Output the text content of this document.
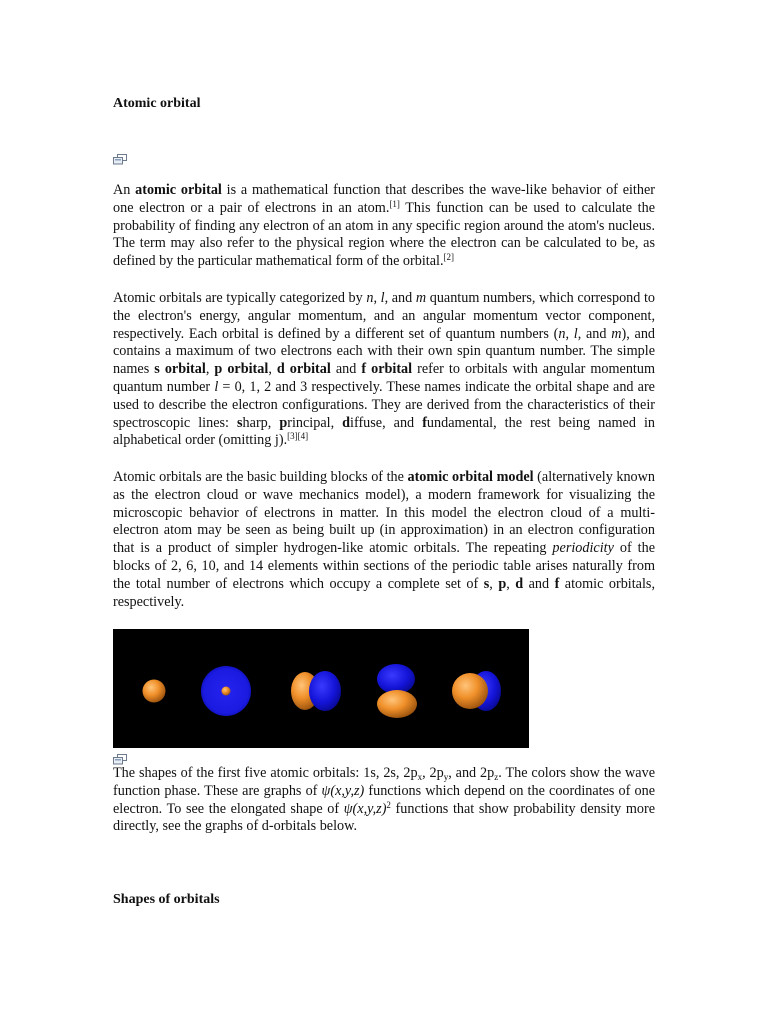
Atomic orbital

An atomic orbital is a mathematical function that describes the wave-like behavior of either one electron or a pair of electrons in an atom.[1] This function can be used to calculate the probability of finding any electron of an atom in any specific region around the atom's nucleus. The term may also refer to the physical region where the electron can be calculated to be, as defined by the particular mathematical form of the orbital.[2]

Atomic orbitals are typically categorized by n, l, and m quantum numbers, which correspond to the electron's energy, angular momentum, and an angular momentum vector component, respectively. Each orbital is defined by a different set of quantum numbers (n, l, and m), and contains a maximum of two electrons each with their own spin quantum number. The simple names s orbital, p orbital, d orbital and f orbital refer to orbitals with angular momentum quantum number l = 0, 1, 2 and 3 respectively. These names indicate the orbital shape and are used to describe the electron configurations. They are derived from the characteristics of their spectroscopic lines: sharp, principal, diffuse, and fundamental, the rest being named in alphabetical order (omitting j).[3][4]

Atomic orbitals are the basic building blocks of the atomic orbital model (alternatively known as the electron cloud or wave mechanics model), a modern framework for visualizing the microscopic behavior of electrons in matter. In this model the electron cloud of a multi-electron atom may be seen as being built up (in approximation) in an electron configuration that is a product of simpler hydrogen-like atomic orbitals. The repeating periodicity of the blocks of 2, 6, 10, and 14 elements within sections of the periodic table arises naturally from the total number of electrons which occupy a complete set of s, p, d and f atomic orbitals, respectively.

The shapes of the first five atomic orbitals: 1s, 2s, $2p_x$, $2p_y$, and $2p_z$. The colors show the wave function phase. These are graphs of ψ(x,y,z) functions which depend on the coordinates of one electron. To see the elongated shape of $\psi(x,y,z)^2$ functions that show probability density more directly, see the graphs of d-orbitals below.

Shapes of orbitals
